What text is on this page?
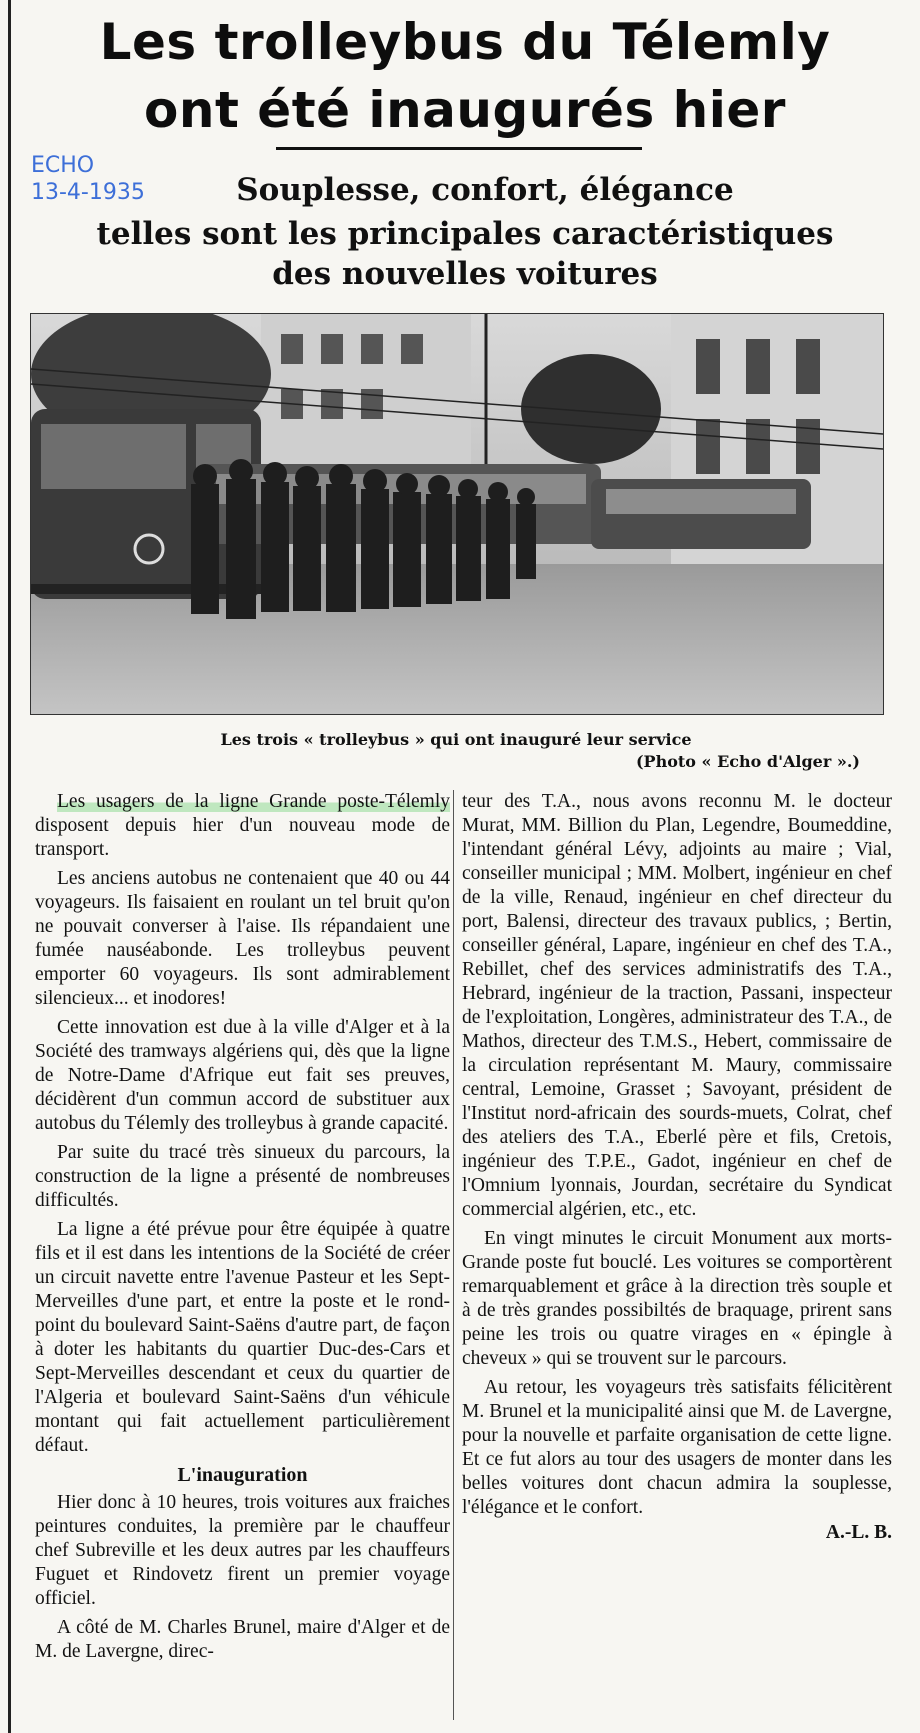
Les trolleybus du Télemly
ont été inaugurés hier
ECHO
13-4-1935	Souplesse, confort, élégance
telles sont les principales caractéristiques
des nouvelles voitures
Les trois « trolleybus » qui ont inauguré leur service
(Photo « Echo d'Alger ».)

Les usagers de la ligne Grande poste-Télemly disposent depuis hier d'un nouveau mode de transport.

Les anciens autobus ne contenaient que 40 ou 44 voyageurs. Ils faisaient en roulant un tel bruit qu'on ne pouvait converser à l'aise. Ils répandaient une fumée nauséabonde. Les trolleybus peuvent emporter 60 voyageurs. Ils sont admirablement silencieux... et inodores!

Cette innovation est due à la ville d'Alger et à la Société des tramways algériens qui, dès que la ligne de Notre-Dame d'Afrique eut fait ses preuves, décidèrent d'un commun accord de substituer aux autobus du Télemly des trolleybus à grande capacité.

Par suite du tracé très sinueux du parcours, la construction de la ligne a présenté de nombreuses difficultés.

La ligne a été prévue pour être équipée à quatre fils et il est dans les intentions de la Société de créer un circuit navette entre l'avenue Pasteur et les Sept-Merveilles d'une part, et entre la poste et le rond-point du boulevard Saint-Saëns d'autre part, de façon à doter les habitants du quartier Duc-des-Cars et Sept-Merveilles descendant et ceux du quartier de l'Algeria et boulevard Saint-Saëns d'un véhicule montant qui fait actuellement particulièrement défaut.

L'inauguration

Hier donc à 10 heures, trois voitures aux fraiches peintures conduites, la première par le chauffeur chef Subreville et les deux autres par les chauffeurs Fuguet et Rindovetz firent un premier voyage officiel.

A côté de M. Charles Brunel, maire d'Alger et de M. de Lavergne, direc-

teur des T.A., nous avons reconnu M. le docteur Murat, MM. Billion du Plan, Legendre, Boumeddine, l'intendant général Lévy, adjoints au maire ; Vial, conseiller municipal ; MM. Molbert, ingénieur en chef de la ville, Renaud, ingénieur en chef directeur du port, Balensi, directeur des travaux publics, ; Bertin, conseiller général, Lapare, ingénieur en chef des T.A., Rebillet, chef des services administratifs des T.A., Hebrard, ingénieur de la traction, Passani, inspecteur de l'exploitation, Longères, administrateur des T.A., de Mathos, directeur des T.M.S., Hebert, commissaire de la circulation représentant M. Maury, commissaire central, Lemoine, Grasset ; Savoyant, président de l'Institut nord-africain des sourds-muets, Colrat, chef des ateliers des T.A., Eberlé père et fils, Cretois, ingénieur des T.P.E., Gadot, ingénieur en chef de l'Omnium lyonnais, Jourdan, secrétaire du Syndicat commercial algérien, etc., etc.

En vingt minutes le circuit Monument aux morts-Grande poste fut bouclé. Les voitures se comportèrent remarquablement et grâce à la direction très souple et à de très grandes possibiltés de braquage, prirent sans peine les trois ou quatre virages en « épingle à cheveux » qui se trouvent sur le parcours.

Au retour, les voyageurs très satisfaits félicitèrent M. Brunel et la municipalité ainsi que M. de Lavergne, pour la nouvelle et parfaite organisation de cette ligne. Et ce fut alors au tour des usagers de monter dans les belles voitures dont chacun admira la souplesse, l'élégance et le confort.

A.-L. B.
